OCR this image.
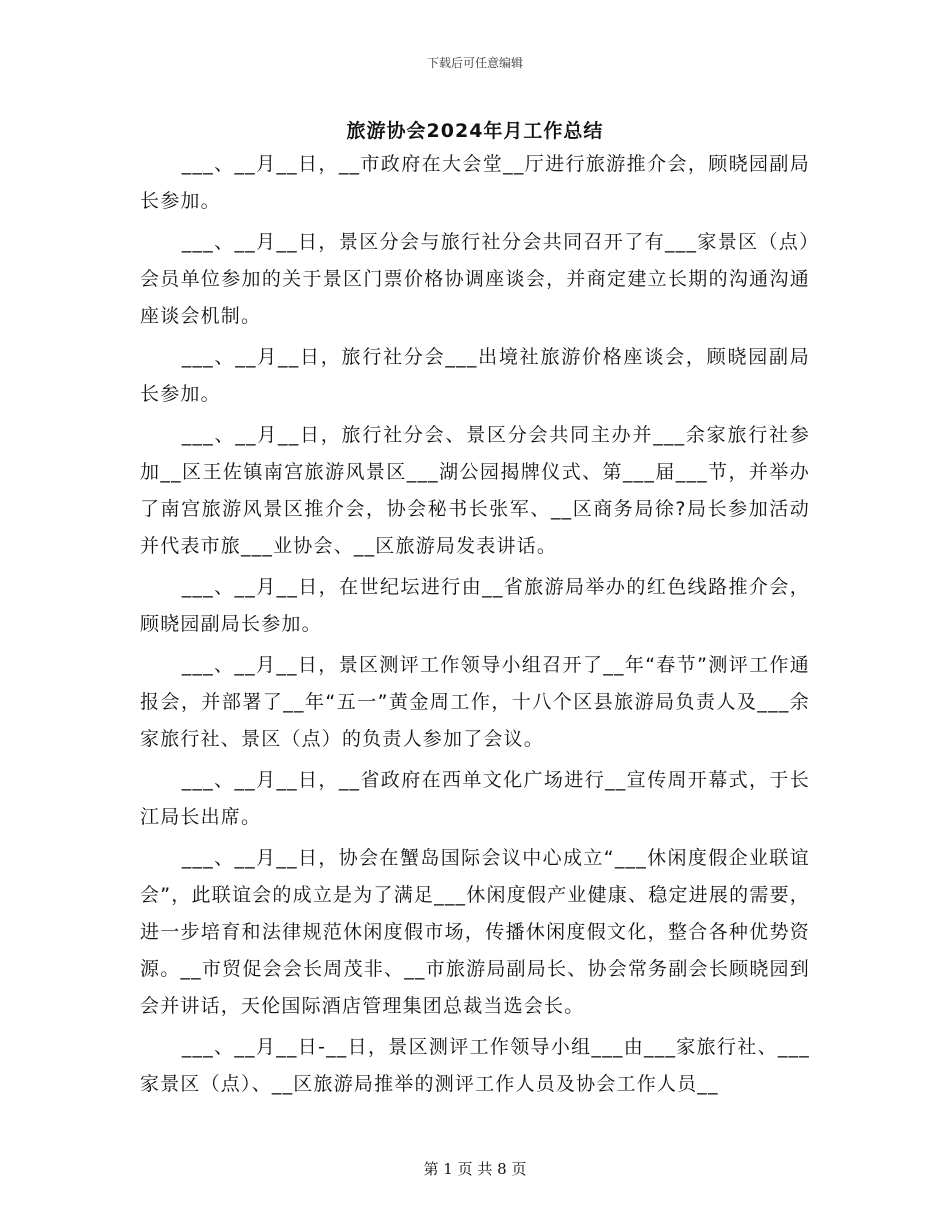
下载后可任意编辑
旅游协会2024年月工作总结

___、__月__日，__市政府在大会堂__厅进行旅游推介会，顾晓园副局长参加。

___、__月__日，景区分会与旅行社分会共同召开了有___家景区（点）会员单位参加的关于景区门票价格协调座谈会，并商定建立长期的沟通沟通座谈会机制。

___、__月__日，旅行社分会___出境社旅游价格座谈会，顾晓园副局长参加。

___、__月__日，旅行社分会、景区分会共同主办并___余家旅行社参加__区王佐镇南宫旅游风景区___湖公园揭牌仪式、第___届___节，并举办了南宫旅游风景区推介会，协会秘书长张军、__区商务局徐?局长参加活动并代表市旅___业协会、__区旅游局发表讲话。

___、__月__日，在世纪坛进行由__省旅游局举办的红色线路推介会，顾晓园副局长参加。

___、__月__日，景区测评工作领导小组召开了__年“春节”测评工作通报会，并部署了__年“五一”黄金周工作，十八个区县旅游局负责人及___余家旅行社、景区（点）的负责人参加了会议。

___、__月__日，__省政府在西单文化广场进行__宣传周开幕式，于长江局长出席。

___、__月__日，协会在蟹岛国际会议中心成立“___休闲度假企业联谊会”，此联谊会的成立是为了满足___休闲度假产业健康、稳定进展的需要，进一步培育和法律规范休闲度假市场，传播休闲度假文化，整合各种优势资源。__市贸促会会长周茂非、__市旅游局副局长、协会常务副会长顾晓园到会并讲话，天伦国际酒店管理集团总裁当选会长。

___、__月__日-__日，景区测评工作领导小组___由___家旅行社、___家景区（点）、__区旅游局推举的测评工作人员及协会工作人员__

第 1 页 共 8 页
